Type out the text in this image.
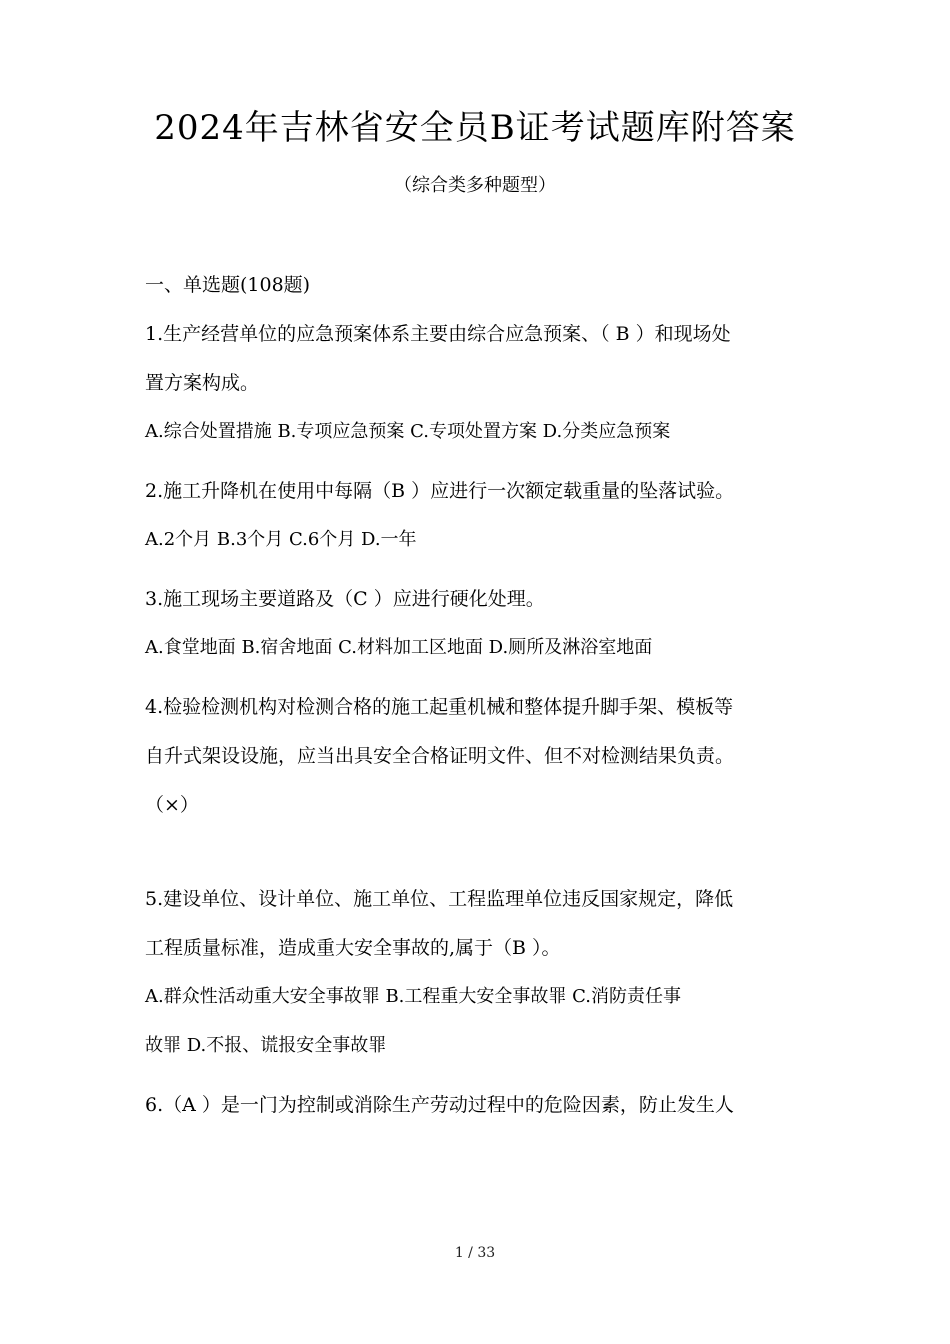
2024年吉林省安全员B证考试题库附答案
（综合类多种题型）
一、单选题(108题)
1.生产经营单位的应急预案体系主要由综合应急预案、（ B ）和现场处
置方案构成。
A.综合处置措施 B.专项应急预案 C.专项处置方案 D.分类应急预案
2.施工升降机在使用中每隔（B ）应进行一次额定载重量的坠落试验。
A.2个月 B.3个月 C.6个月 D.一年
3.施工现场主要道路及（C ）应进行硬化处理。
A.食堂地面 B.宿舍地面 C.材料加工区地面 D.厕所及淋浴室地面
4.检验检测机构对检测合格的施工起重机械和整体提升脚手架、模板等
自升式架设设施，应当出具安全合格证明文件、但不对检测结果负责。
（×）
5.建设单位、设计单位、施工单位、工程监理单位违反国家规定，降低
工程质量标准，造成重大安全事故的,属于（B ）。
A.群众性活动重大安全事故罪 B.工程重大安全事故罪 C.消防责任事
故罪 D.不报、谎报安全事故罪
6.（A ）是一门为控制或消除生产劳动过程中的危险因素，防止发生人
1 / 33
